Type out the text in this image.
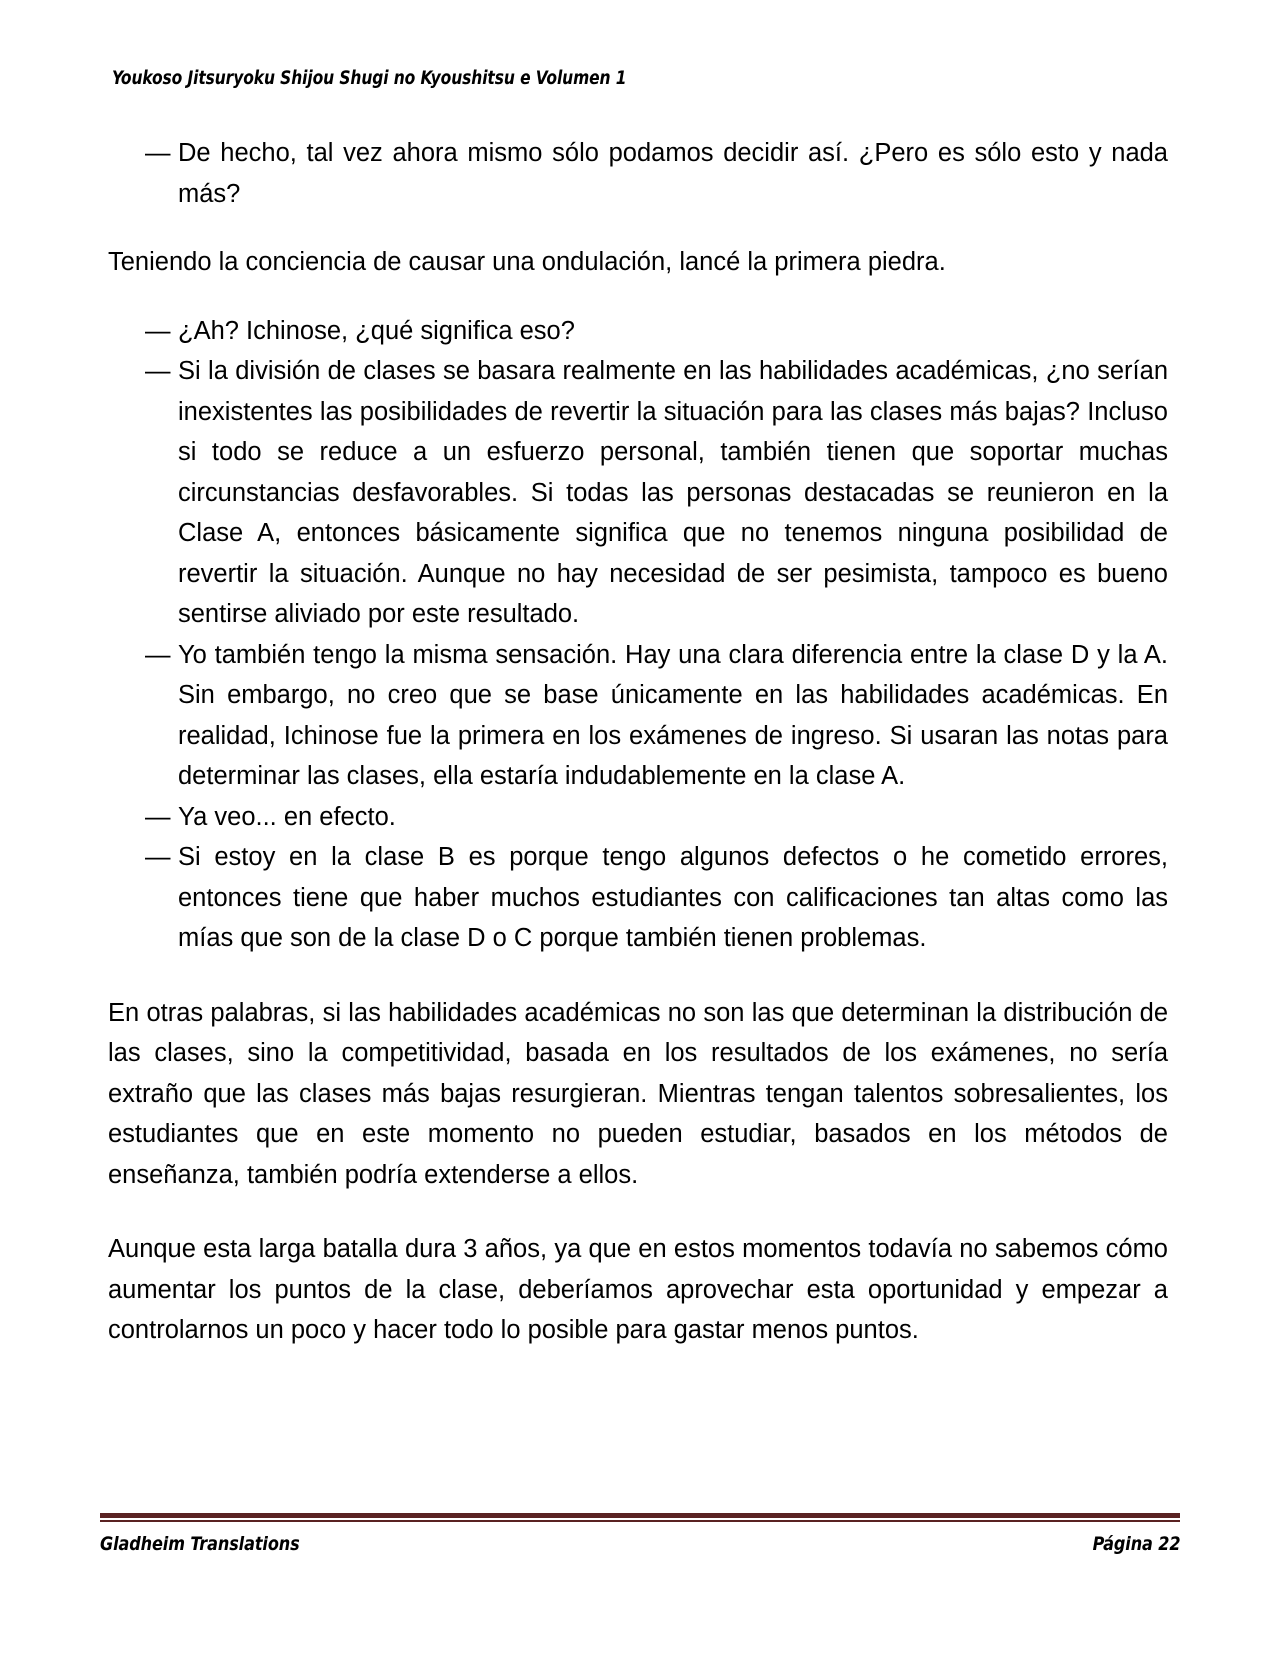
Youkoso Jitsuryoku Shijou Shugi no Kyoushitsu e Volumen 1
— De hecho, tal vez ahora mismo sólo podamos decidir así. ¿Pero es sólo esto y nada más?

Teniendo la conciencia de causar una ondulación, lancé la primera piedra.

— ¿Ah? Ichinose, ¿qué significa eso?
— Si la división de clases se basara realmente en las habilidades académicas, ¿no serían inexistentes las posibilidades de revertir la situación para las clases más bajas? Incluso si todo se reduce a un esfuerzo personal, también tienen que soportar muchas circunstancias desfavorables. Si todas las personas destacadas se reunieron en la Clase A, entonces básicamente significa que no tenemos ninguna posibilidad de revertir la situación. Aunque no hay necesidad de ser pesimista, tampoco es bueno sentirse aliviado por este resultado.
— Yo también tengo la misma sensación. Hay una clara diferencia entre la clase D y la A. Sin embargo, no creo que se base únicamente en las habilidades académicas. En realidad, Ichinose fue la primera en los exámenes de ingreso. Si usaran las notas para determinar las clases, ella estaría indudablemente en la clase A.
— Ya veo... en efecto.
— Si estoy en la clase B es porque tengo algunos defectos o he cometido errores, entonces tiene que haber muchos estudiantes con calificaciones tan altas como las mías que son de la clase D o C porque también tienen problemas.

En otras palabras, si las habilidades académicas no son las que determinan la distribución de las clases, sino la competitividad, basada en los resultados de los exámenes, no sería extraño que las clases más bajas resurgieran. Mientras tengan talentos sobresalientes, los estudiantes que en este momento no pueden estudiar, basados en los métodos de enseñanza, también podría extenderse a ellos.

Aunque esta larga batalla dura 3 años, ya que en estos momentos todavía no sabemos cómo aumentar los puntos de la clase, deberíamos aprovechar esta oportunidad y empezar a controlarnos un poco y hacer todo lo posible para gastar menos puntos.

Gladheim Translations	Página 22
